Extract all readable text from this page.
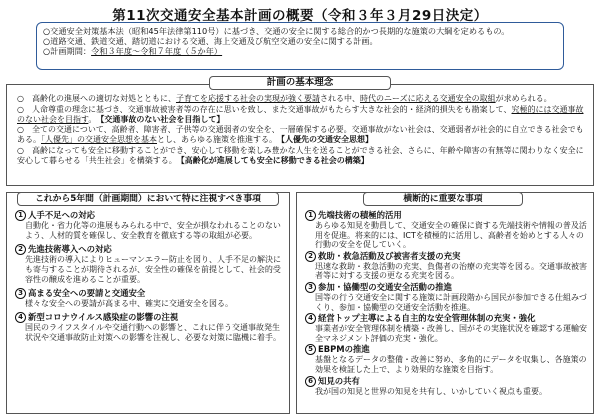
第11次交通安全基本計画の概要（令和３年３月29日決定）
○交通安全対策基本法（昭和45年法律第110号）に基づき、交通の安全に関する総合的かつ長期的な施策の大綱を定めるもの。
○道路交通、鉄道交通、踏切道における交通、海上交通及び航空交通の安全に関する計画。
○計画期間：令和３年度〜令和７年度（５か年）
計画の基本理念

○　高齢化の進展への適切な対処とともに、子育てを応援する社会の実現が強く要請される中、時代のニーズに応える交通安全の取組が求められる。

○　人命尊重の理念に基づき、交通事故被害者等の存在に思いを致し、また交通事故がもたらす大きな社会的・経済的損失をも勘案して、究極的には交通事故のない社会を目指す。　 【交通事故のない社会を目指して】

○　全ての交通について、高齢者、障害者、子供等の交通弱者の安全を、一層確保する必要。交通事故がない社会は、交通弱者が社会的に自立できる社会でもある。「人優先」の交通安全思想を基本とし、あらゆる施策を推進する。　 【人優先の交通安全思想】

○　高齢になっても安全に移動することができ、安心して移動を楽しみ豊かな人生を送ることができる社会、さらに、年齢や障害の有無等に関わりなく安全に安心して暮らせる「共生社会」を構築する。　 【高齢化が進展しても安全に移動できる社会の構築】

これから5年間（計画期間）において特に注視すべき事項
1 人手不足への対応
自動化・省力化等の進展もみられる中で、安全が損なわれることのないよう、人材的質を確保し、安全教育を徹底する等の取組が必要。
2 先進技術導入への対応
先進技術の導入によりヒューマンエラー防止を図り、人手不足の解決にも寄与することが期待されるが、安全性の確保を前提として、社会的受容性の醸成を進めることが重要。
3 高まる安全への要請と交通安全
様々な安全への要請が高まる中、確実に交通安全を図る。
4 新型コロナウイルス感染症の影響の注視
国民のライフスタイルや交通行動への影響と、これに伴う交通事故発生状況や交通事故防止対策への影響を注視し、必要な対策に臨機に着手。
横断的に重要な事項
1 先端技術の積極的活用
あらゆる知見を動員して、交通安全の確保に資する先端技術や情報の普及活用を促進。将来的には、ICTを積極的に活用し、高齢者を始めとする人々の行動の安全を促していく。
2 救助・救急活動及び被害者支援の充実
迅速な救助・救急活動の充実、負傷者の治療の充実等を図る。交通事故被害者等に対する支援の更なる充実を図る。
3 参加・協働型の交通安全活動の推進
国等の行う交通安全に関する施策に計画段階から国民が参加できる仕組みづくり、参加・協働型の交通安全活動を推進。
4 経営トップ主導による自主的な安全管理体制の充実・強化
事業者が安全管理体制を構築・改善し、国がその実施状況を確認する運輸安全マネジメント評価の充実・強化。
5 EBPMの推進
基盤となるデータの整備・改善に努め、多角的にデータを収集し、各施策の効果を検証した上で、より効果的な施策を目指す。
6 知見の共有
我が国の知見と世界の知見を共有し、いかしていく視点も重要。
